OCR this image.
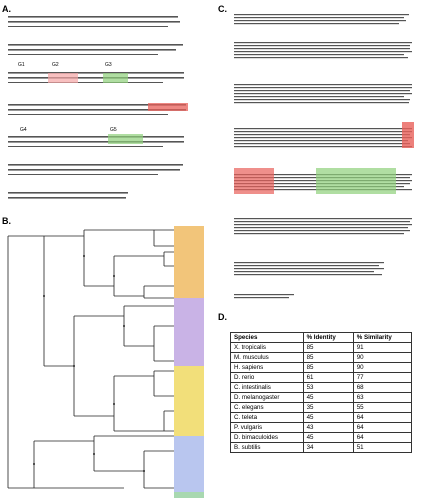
A.
B.
C.
D.
G1	G2	G3
G4	G5
Species	% Identity	% Similarity
X. tropicalis	85	91
M. musculus	85	90
H. sapiens	85	90
D. rerio	61	77
C. intestinalis	53	68
D. melanogaster	45	63
C. elegans	35	55
C. teleta	45	64
P. vulgaris	43	64
D. bimaculoides	45	64
B. subtilis	34	51
